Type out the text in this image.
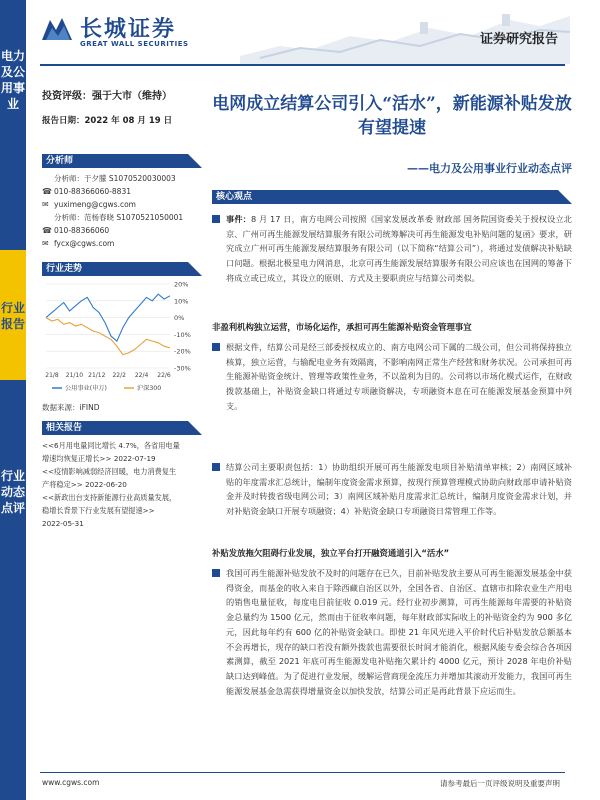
电力及公用事业
行业报告
行业动态点评
长城证券
GREAT WALL SECURITIES	证券研究报告
投资评级：强于大市（维持）
报告日期：2022 年 08 月 19 日
分析师
分析师：于夕朦 S1070520030003
☎ 010-88366060-8831
✉ yuximeng@cgws.com
分析师：范杨春晓 S1070521050001
☎ 010-88366060
✉ fycx@cgws.com
行业走势
20%
10%
0%
-10%
-20%
-30%
21/8 21/10 21/12 22/2 22/4 22/6
公用事业(申万)	沪深300
数据来源：iFIND
相关报告
<<6月用电量同比增长 4.7%，各省用电量
增速均恢复正增长>> 2022-07-19
<<疫情影响减弱经济回暖，电力消费复生
产将稳定>> 2022-06-20
<<新政出台支持新能源行业高质量发展，
稳增长背景下行业发展有望提速>>
2022-05-31
电网成立结算公司引入“活水”，新能源补贴发放有望提速
——电力及公用事业行业动态点评
核心观点
事件：8 月 17 日，南方电网公司按照《国家发展改革委 财政部 国务院国资委关于授权设立北京、广州可再生能源发展结算服务有限公司统筹解决可再生能源发电补贴问题的复函》要求，研究成立广州可再生能源发展结算服务有限公司（以下简称“结算公司”），将通过发债解决补贴缺口问题。根据北极星电力网消息，北京可再生能源发展结算服务有限公司应该也在国网的筹备下将成立或已成立，其设立的原则、方式及主要职责应与结算公司类似。
非盈利机构独立运营，市场化运作，承担可再生能源补贴资金管理事宜
根据文件，结算公司是经三部委授权成立的、南方电网公司下属的二级公司，但公司将保持独立核算，独立运营，与输配电业务有效隔离，不影响南网正常生产经营和财务状况。公司承担可再生能源补贴资金统计、管理等政策性业务，不以盈利为目的。公司将以市场化模式运作，在财政拨款基础上，补贴资金缺口将通过专项融资解决，专项融资本息在可在能源发展基金预算中列支。
结算公司主要职责包括：1）协助组织开展可再生能源发电项目补贴清单审核；2）南网区域补贴的年度需求汇总统计，编制年度资金需求预算，按现行预算管理模式协助向财政部申请补贴资金并及时转拨省级电网公司；3）南网区域补贴月度需求汇总统计，编制月度资金需求计划，并对补贴资金缺口开展专项融资；4）补贴资金缺口专项融资日常管理工作等。
补贴发放拖欠阻碍行业发展，独立平台打开融资通道引入“活水”
我国可再生能源补贴发放不及时的问题存在已久，目前补贴发放主要从可再生能源发展基金中获得资金，而基金的收入来自于除西藏自治区以外，全国各省、自治区、直辖市扣除农业生产用电的销售电量征收，每度电目前征收 0.019 元。经行业初步测算，可再生能源每年需要的补贴资金总量约为 1500 亿元，然而由于征收率问题，每年财政部实际收上的补贴资金约为 900 多亿元，因此每年约有 600 亿的补贴资金缺口。即使 21 年风光进入平价时代后补贴发放总额基本不会再增长，现存的缺口若没有额外拨款也需要很长时间才能消化，根据风能专委会综合各项因素测算，截至 2021 年底可再生能源发电补贴拖欠累计约 4000 亿元，预计 2028 年电价补贴缺口达到峰值。为了促进行业发展，缓解运营商现金流压力并增加其滚动开发能力，我国可再生能源发展基金急需获得增量资金以加快发放，结算公司正是再此背景下应运而生。
www.cgws.com	请参考最后一页评级说明及重要声明
